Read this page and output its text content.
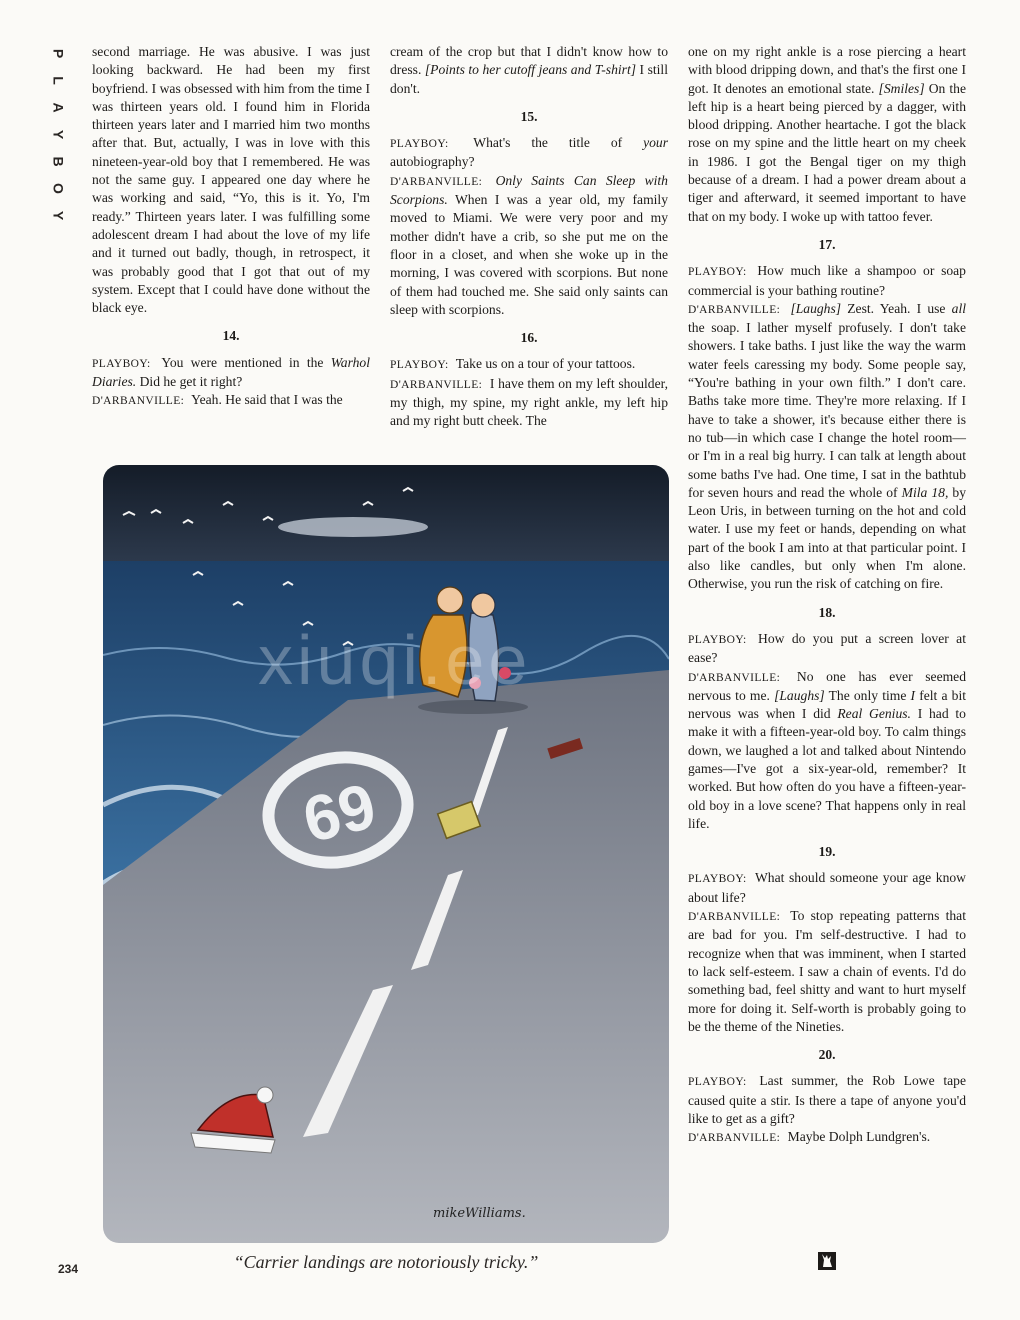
P
L
A
Y
B
O
Y

second marriage. He was abusive. I was just looking backward. He had been my first boyfriend. I was obsessed with him from the time I was thirteen years old. I found him in Florida thirteen years later and I married him two months after that. But, actually, I was in love with this nineteen-year-old boy that I remembered. He was not the same guy. I appeared one day where he was working and said, “Yo, this is it. Yo, I'm ready.” Thirteen years later. I was fulfilling some adolescent dream I had about the love of my life and it turned out badly, though, in retrospect, it was probably good that I got that out of my system. Except that I could have done without the black eye.

14.

PLAYBOY: You were mentioned in the Warhol Diaries. Did he get it right?

D'ARBANVILLE: Yeah. He said that I was the

cream of the crop but that I didn't know how to dress. [Points to her cutoff jeans and T-shirt] I still don't.

15.

PLAYBOY: What's the title of your autobiography?

D'ARBANVILLE: Only Saints Can Sleep with Scorpions. When I was a year old, my family moved to Miami. We were very poor and my mother didn't have a crib, so she put me on the floor in a closet, and when she woke up in the morning, I was covered with scorpions. But none of them had touched me. She said only saints can sleep with scorpions.

16.

PLAYBOY: Take us on a tour of your tattoos.

D'ARBANVILLE: I have them on my left shoulder, my thigh, my spine, my right ankle, my left hip and my right butt cheek. The

one on my right ankle is a rose piercing a heart with blood dripping down, and that's the first one I got. It denotes an emotional state. [Smiles] On the left hip is a heart being pierced by a dagger, with blood dripping. Another heartache. I got the black rose on my spine and the little heart on my cheek in 1986. I got the Bengal tiger on my thigh because of a dream. I had a power dream about a tiger and afterward, it seemed important to have that on my body. I woke up with tattoo fever.

17.

PLAYBOY: How much like a shampoo or soap commercial is your bathing routine?

D'ARBANVILLE: [Laughs] Zest. Yeah. I use all the soap. I lather myself profusely. I don't take showers. I take baths. I just like the way the warm water feels caressing my body. Some people say, “You're bathing in your own filth.” I don't care. Baths take more time. They're more relaxing. If I have to take a shower, it's because either there is no tub—in which case I change the hotel room—or I'm in a real big hurry. I can talk at length about some baths I've had. One time, I sat in the bathtub for seven hours and read the whole of Mila 18, by Leon Uris, in between turning on the hot and cold water. I use my feet or hands, depending on what part of the book I am into at that particular point. I also like candles, but only when I'm alone. Otherwise, you run the risk of catching on fire.

18.

PLAYBOY: How do you put a screen lover at ease?

D'ARBANVILLE: No one has ever seemed nervous to me. [Laughs] The only time I felt a bit nervous was when I did Real Genius. I had to make it with a fifteen-year-old boy. To calm things down, we laughed a lot and talked about Nintendo games—I've got a six-year-old, remember? It worked. But how often do you have a fifteen-year-old boy in a love scene? That happens only in real life.

19.

PLAYBOY: What should someone your age know about life?

D'ARBANVILLE: To stop repeating patterns that are bad for you. I'm self-destructive. I had to recognize when that was imminent, when I started to lack self-esteem. I saw a chain of events. I'd do something bad, feel shitty and want to hurt myself more for doing it. Self-worth is probably going to be the theme of the Nineties.

20.

PLAYBOY: Last summer, the Rob Lowe tape caused quite a stir. Is there a tape of anyone you'd like to get as a gift?

D'ARBANVILLE: Maybe Dolph Lundgren's.

69
mikeWilliams.
xiuqi.ee
“Carrier landings are notoriously tricky.”
234
